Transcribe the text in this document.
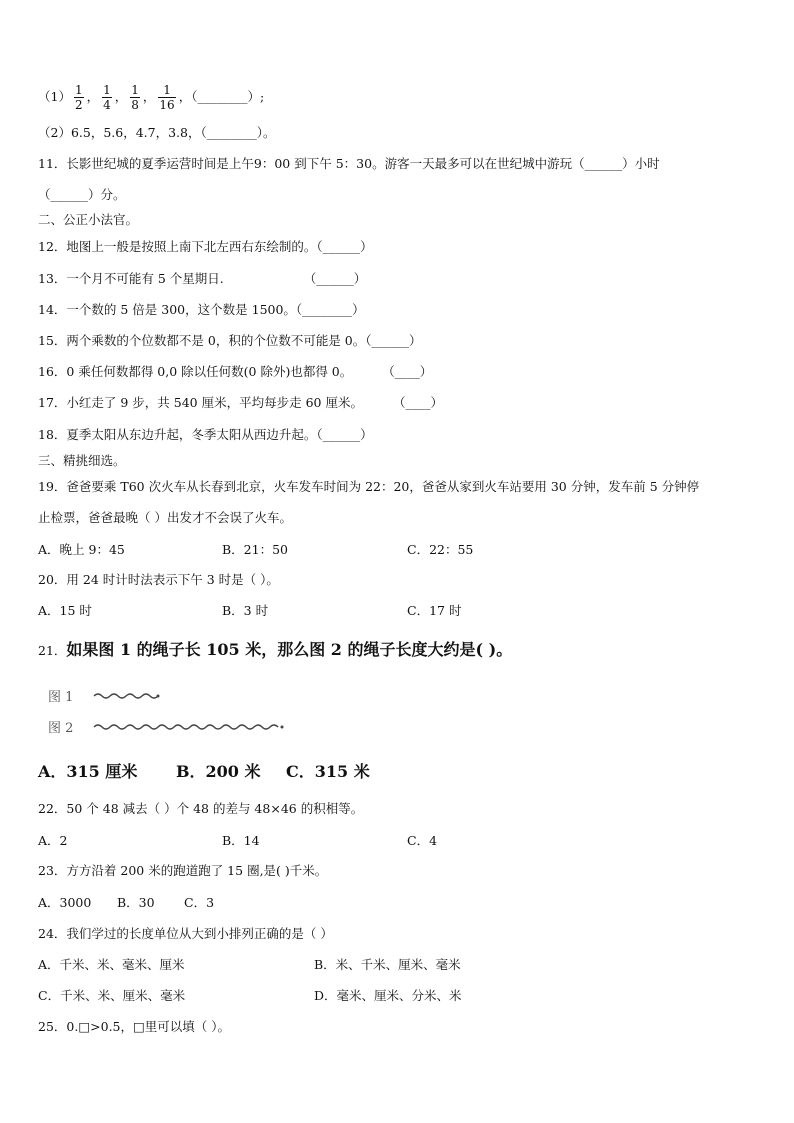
$(1) \frac{1}{2}$ ， $\frac{1}{4}$ ， $\frac{1}{8}$ ， $\frac{1}{16}$ ，（________）;
（2）6.5，5.6，4.7，3.8，（________）。
11．长影世纪城的夏季运营时间是上午9：00 到下午 5：30。游客一天最多可以在世纪城中游玩（______）小时
（______）分。
二、公正小法官。
12．地图上一般是按照上南下北左西右东绘制的。（______）
13．一个月不可能有 5 个星期日.	（______）
14．一个数的 5 倍是 300，这个数是 1500。（________）
15．两个乘数的个位数都不是 0，积的个位数不可能是 0。（______）
16．0 乘任何数都得 0,0 除以任何数(0 除外)也都得 0。 （____）
17．小红走了 9 步，共 540 厘米，平均每步走 60 厘米。 （____）
18．夏季太阳从东边升起，冬季太阳从西边升起。（______）
三、精挑细选。
19．爸爸要乘 T60 次火车从长春到北京，火车发车时间为 22：20，爸爸从家到火车站要用 30 分钟，发车前 5 分钟停
止检票，爸爸最晚（ ）出发才不会误了火车。
A．晚上 9：45	B．21：50	C．22：55
20．用 24 时计时法表示下午 3 时是（ ）。
A．15 时	B．3 时	C．17 时
21．如果图 1 的绳子长 105 米，那么图 2 的绳子长度大约是( )。
图 1
图 2
A．315 厘米 B．200 米 C．315 米
22．50 个 48 减去（ ）个 48 的差与 48×46 的积相等。
A．2	B．14	C．4
23．方方沿着 200 米的跑道跑了 15 圈,是( )千米。
A．3000 B．30 C．3
24．我们学过的长度单位从大到小排列正确的是（ ）
A．千米、米、毫米、厘米	B．米、千米、厘米、毫米
C．千米、米、厘米、毫米	D．毫米、厘米、分米、米
25．0.□>0.5，□里可以填（ ）。
